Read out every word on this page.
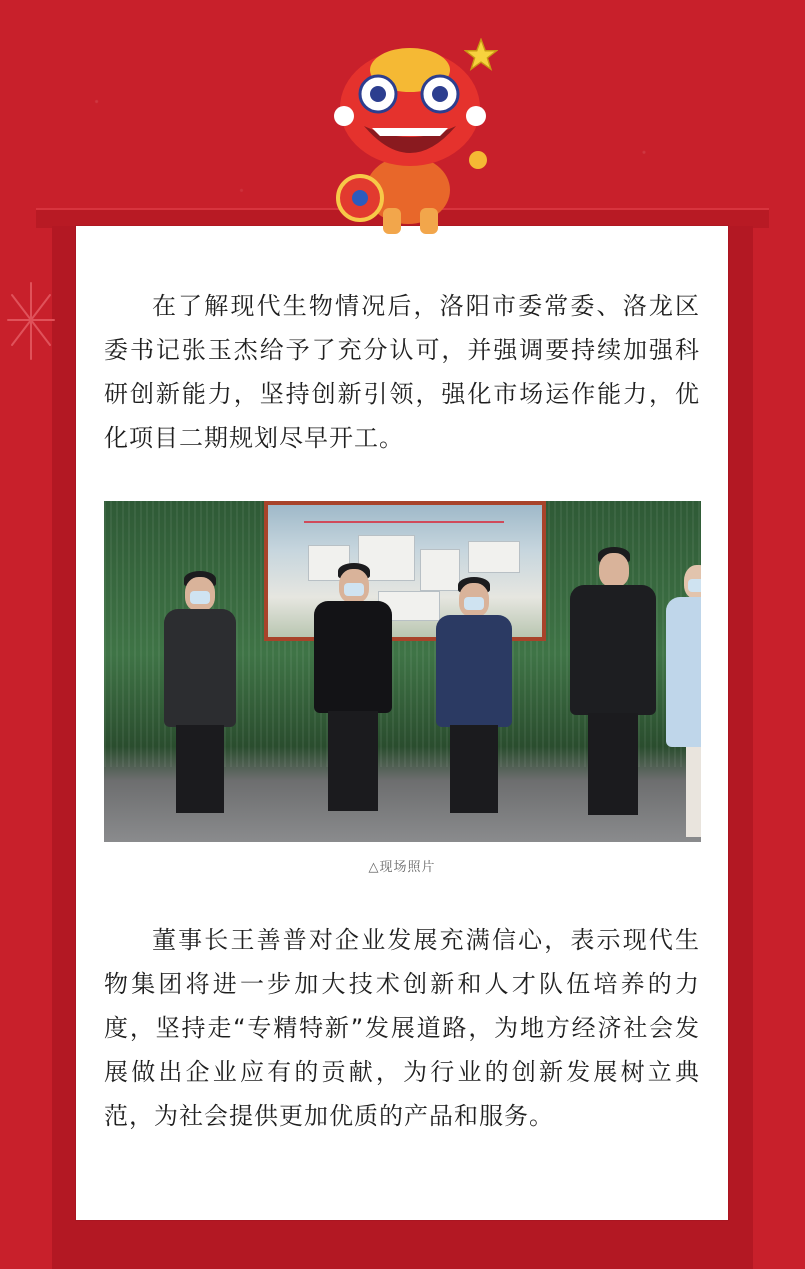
在了解现代生物情况后，洛阳市委常委、洛龙区委书记张玉杰给予了充分认可，并强调要持续加强科研创新能力，坚持创新引领，强化市场运作能力，优化项目二期规划尽早开工。

△现场照片

董事长王善普对企业发展充满信心，表示现代生物集团将进一步加大技术创新和人才队伍培养的力度，坚持走“专精特新”发展道路，为地方经济社会发展做出企业应有的贡献，为行业的创新发展树立典范，为社会提供更加优质的产品和服务。
